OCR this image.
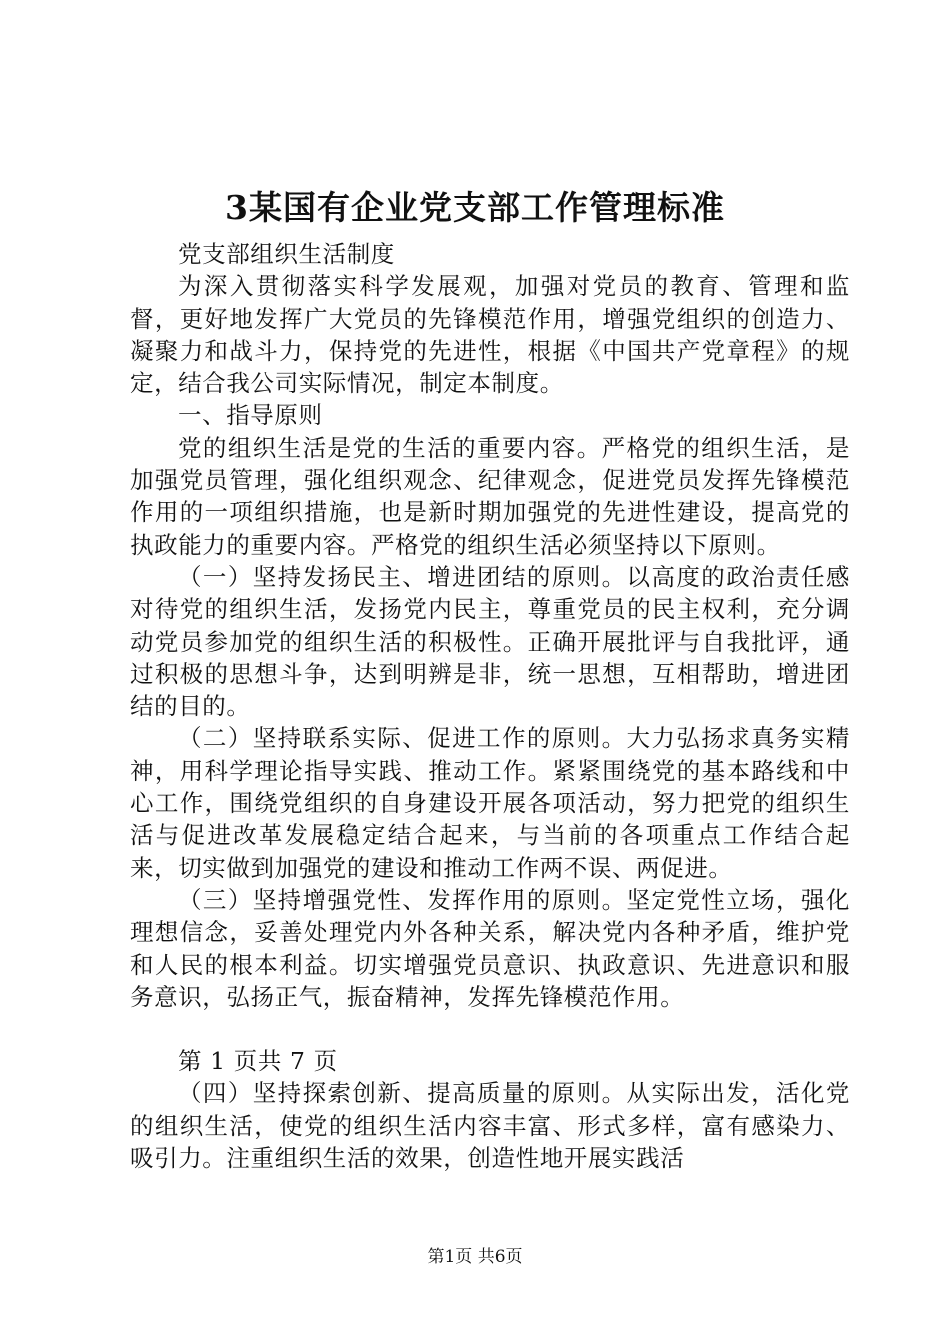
3某国有企业党支部工作管理标准

党支部组织生活制度

为深入贯彻落实科学发展观，加强对党员的教育、管理和监督，更好地发挥广大党员的先锋模范作用，增强党组织的创造力、凝聚力和战斗力，保持党的先进性，根据《中国共产党章程》的规定，结合我公司实际情况，制定本制度。

一、指导原则

党的组织生活是党的生活的重要内容。严格党的组织生活，是加强党员管理，强化组织观念、纪律观念，促进党员发挥先锋模范作用的一项组织措施，也是新时期加强党的先进性建设，提高党的执政能力的重要内容。严格党的组织生活必须坚持以下原则。

（一）坚持发扬民主、增进团结的原则。以高度的政治责任感对待党的组织生活，发扬党内民主，尊重党员的民主权利，充分调动党员参加党的组织生活的积极性。正确开展批评与自我批评，通过积极的思想斗争，达到明辨是非，统一思想，互相帮助，增进团结的目的。

（二）坚持联系实际、促进工作的原则。大力弘扬求真务实精神，用科学理论指导实践、推动工作。紧紧围绕党的基本路线和中心工作，围绕党组织的自身建设开展各项活动，努力把党的组织生活与促进改革发展稳定结合起来，与当前的各项重点工作结合起来，切实做到加强党的建设和推动工作两不误、两促进。

（三）坚持增强党性、发挥作用的原则。坚定党性立场，强化理想信念，妥善处理党内外各种关系，解决党内各种矛盾，维护党和人民的根本利益。切实增强党员意识、执政意识、先进意识和服务意识，弘扬正气，振奋精神，发挥先锋模范作用。

第 1 页共 7 页

（四）坚持探索创新、提高质量的原则。从实际出发，活化党的组织生活，使党的组织生活内容丰富、形式多样，富有感染力、吸引力。注重组织生活的效果，创造性地开展实践活

第1页 共6页
